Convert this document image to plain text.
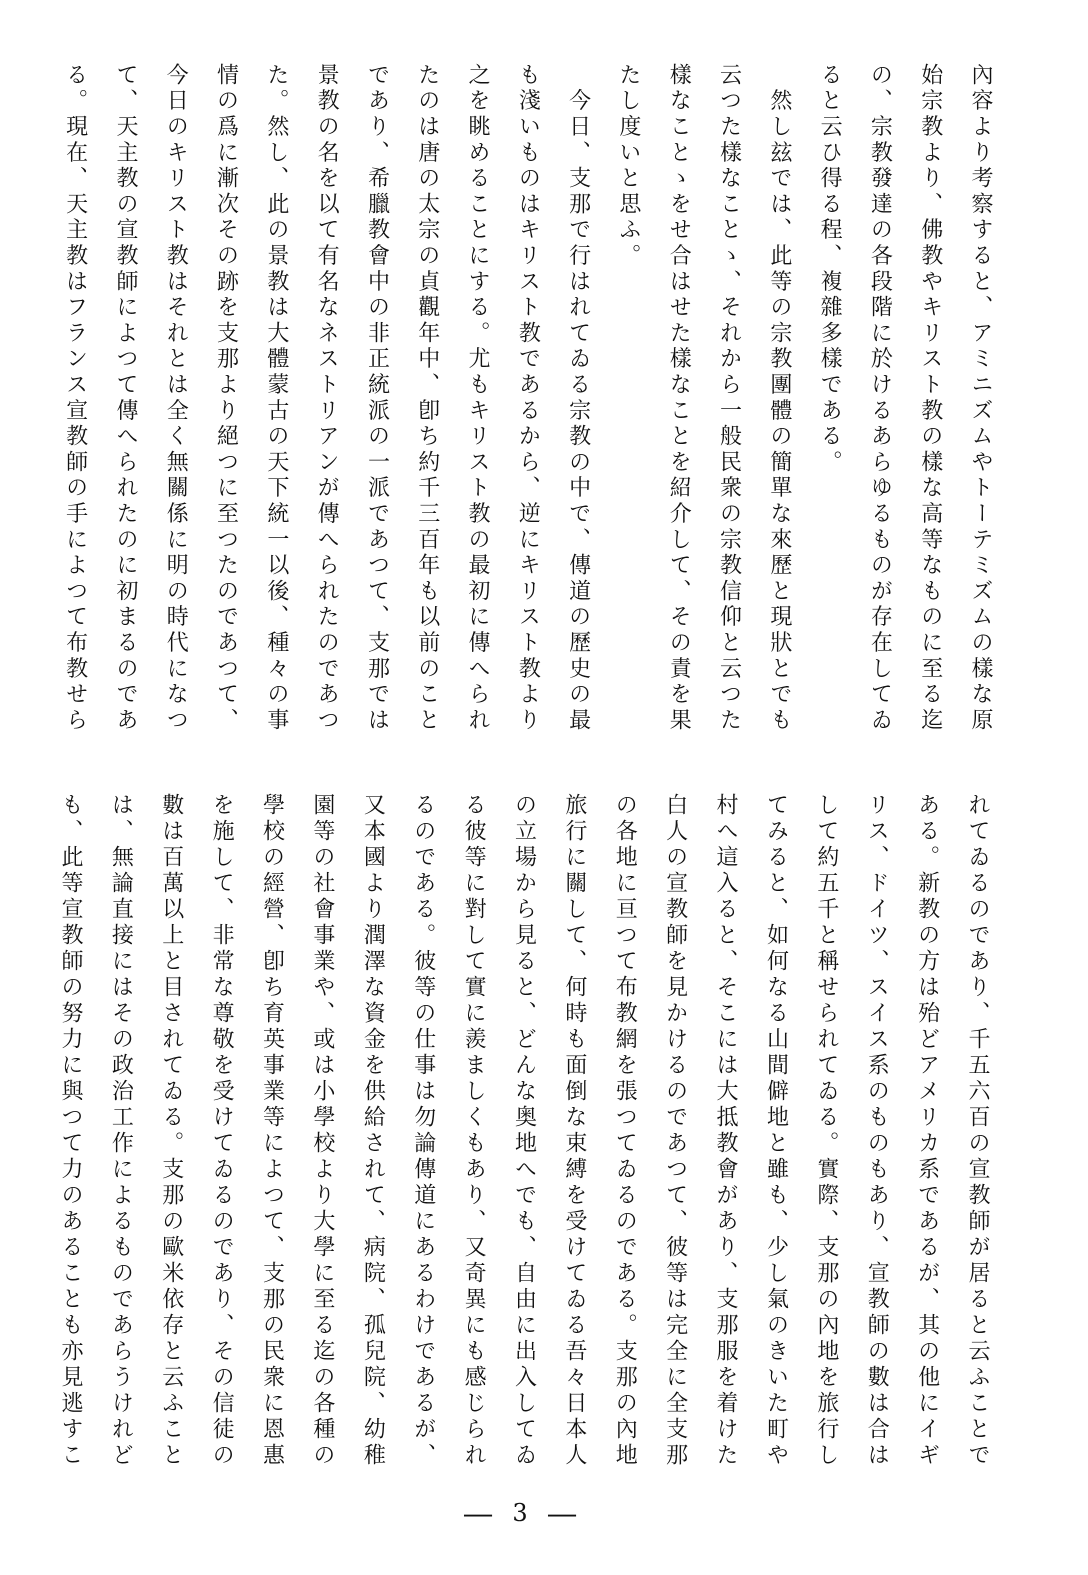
內容より考察すると、アミニズムやトーテミズムの樣な原
始宗教より、佛教やキリスト教の樣な高等なものに至る迄
の、宗教發達の各段階に於けるあらゆるものが存在してゐ
ると云ひ得る程、複雜多樣である。
　然し玆では、此等の宗教團體の簡單な來歷と現狀とでも
云つた樣なことゝ、それから一般民衆の宗教信仰と云つた
樣なことゝをせ合はせた樣なことを紹介して、その責を果
たし度いと思ふ。
　今日、支那で行はれてゐる宗教の中で、傳道の歷史の最
も淺いものはキリスト教であるから、逆にキリスト教より
之を眺めることにする。尤もキリスト教の最初に傳へられ
たのは唐の太宗の貞觀年中、卽ち約千三百年も以前のこと
であり、希臘教會中の非正統派の一派であつて、支那では
景教の名を以て有名なネストリアンが傳へられたのであつ
た。然し、此の景教は大體蒙古の天下統一以後、種々の事
情の爲に漸次その跡を支那より絕つに至つたのであつて、
今日のキリスト教はそれとは全く無關係に明の時代になつ
て、天主教の宣教師によつて傳へられたのに初まるのであ
る。現在、天主教はフランス宣教師の手によつて布教せら
れてゐるのであり、千五六百の宣教師が居ると云ふことで
ある。新教の方は殆どアメリカ系であるが、其の他にイギ
リス、ドイツ、スイス系のものもあり、宣教師の數は合は
して約五千と稱せられてゐる。實際、支那の內地を旅行し
てみると、如何なる山間僻地と雖も、少し氣のきいた町や
村へ這入ると、そこには大抵教會があり、支那服を着けた
白人の宣教師を見かけるのであつて、彼等は完全に全支那
の各地に亘つて布教網を張つてゐるのである。支那の內地
旅行に關して、何時も面倒な束縛を受けてゐる吾々日本人
の立場から見ると、どんな奥地へでも、自由に出入してゐ
る彼等に對して實に羨ましくもあり、又奇異にも感じられ
るのである。彼等の仕事は勿論傳道にあるわけであるが、
又本國より潤澤な資金を供給されて、病院、孤兒院、幼稚
園等の社會事業や、或は小學校より大學に至る迄の各種の
學校の經營、卽ち育英事業等によつて、支那の民衆に恩惠
を施して、非常な尊敬を受けてゐるのであり、その信徒の
數は百萬以上と目されてゐる。支那の歐米依存と云ふこと
は、無論直接にはその政治工作によるものであらうけれど
も、此等宣教師の努力に與つて力のあることも亦見逃すこ
— 3 —
